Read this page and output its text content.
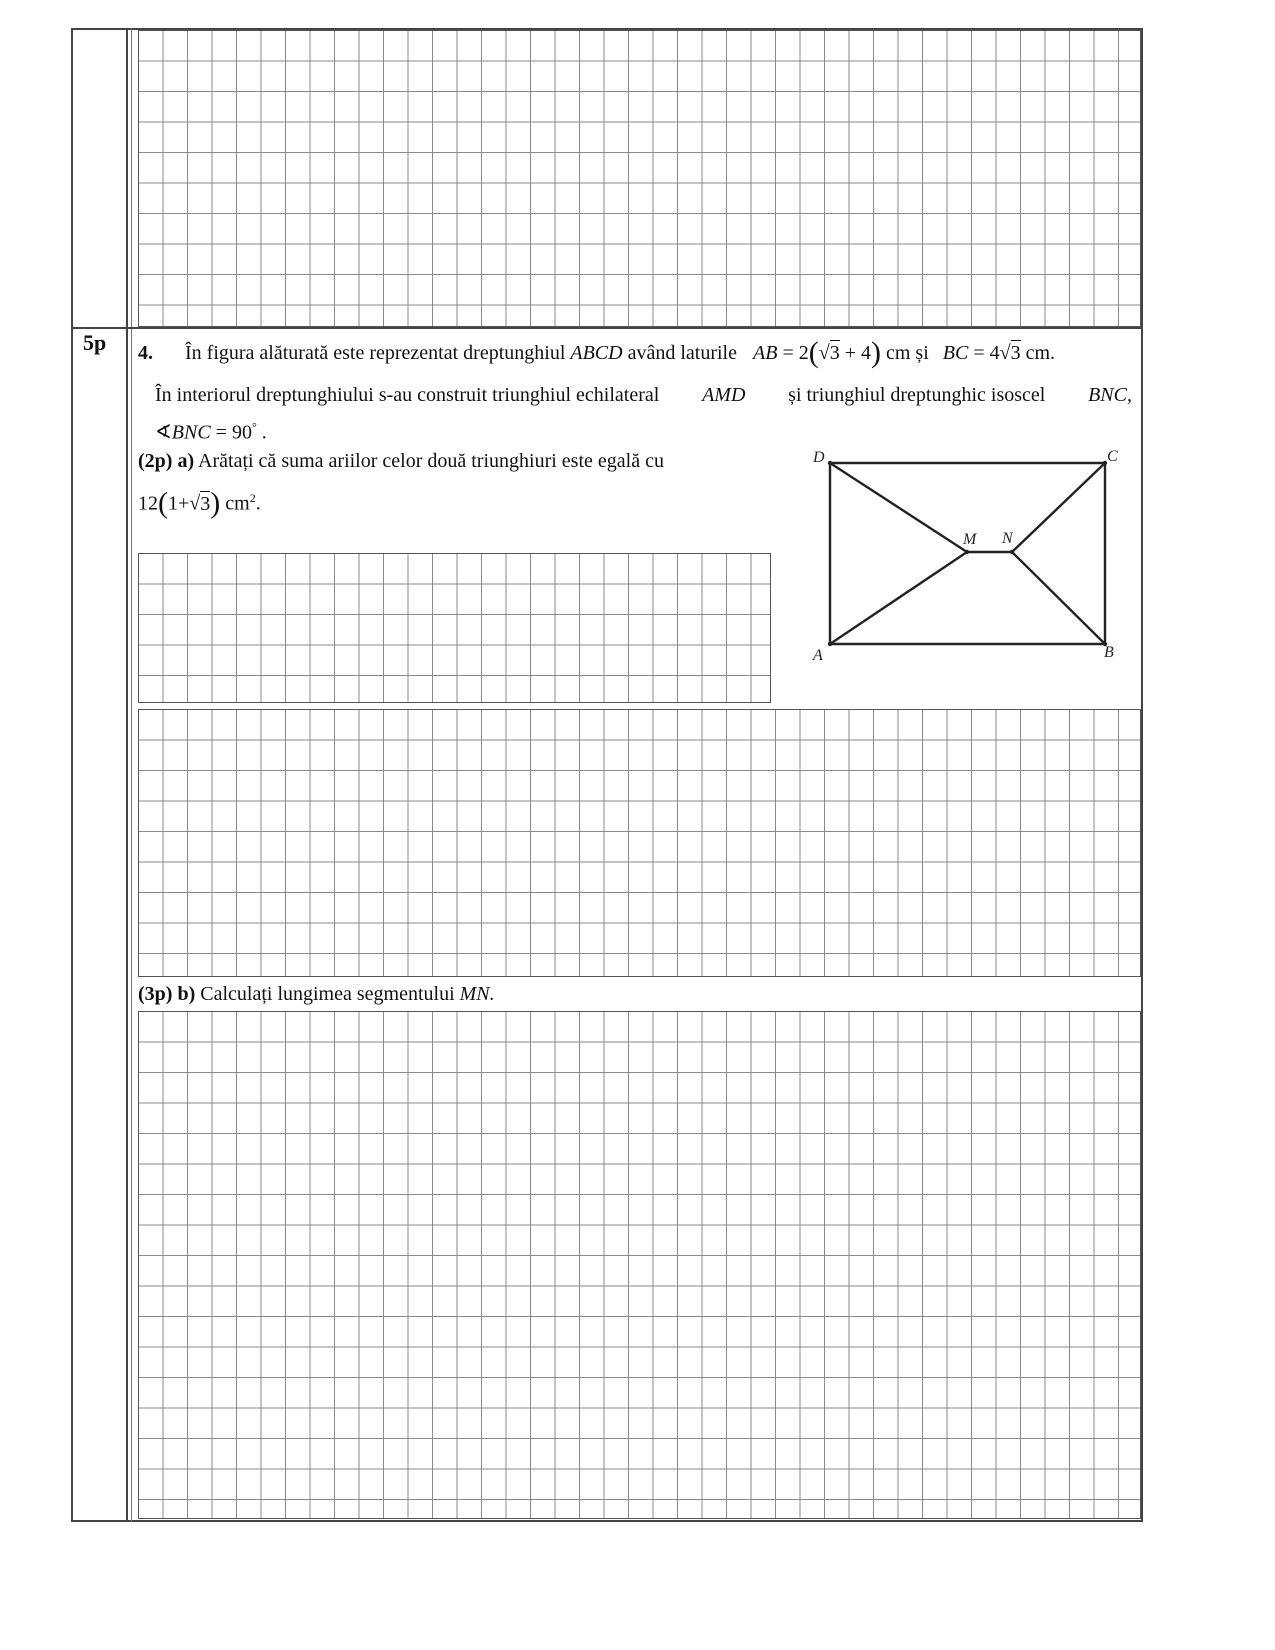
5p 4. În figura alăturată este reprezentat dreptunghiul ABCD având laturile AB = 2(√3 + 4) cm și BC = 4√3 cm.
În interiorul dreptunghiului s-au construit triunghiul echilateral AMD și triunghiul dreptunghic isoscel BNC,
∢BNC = 90° .
(2p) a) Arătați că suma ariilor celor două triunghiuri este egală cu
12(1+√3) $cm^2$.
D	C
A	B
M N
(3p) b) Calculați lungimea segmentului MN.
